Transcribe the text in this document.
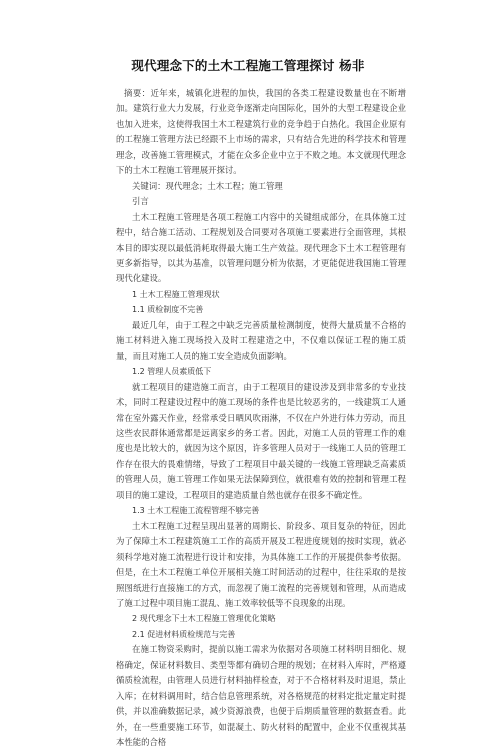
现代理念下的土木工程施工管理探讨 杨非

摘要：近年来，城镇化进程的加快，我国的各类工程建设数量也在不断增加。建筑行业大力发展，行业竞争逐渐走向国际化，国外的大型工程建设企业也加入进来，这使得我国土木工程建筑行业的竞争趋于白热化。我国企业原有的工程施工管理方法已经跟不上市场的需求，只有结合先进的科学技术和管理理念，改善施工管理模式，才能在众多企业中立于不败之地。本文就现代理念下的土木工程施工管理展开探讨。

关键词：现代理念；土木工程；施工管理

引言

土木工程施工管理是各项工程施工内容中的关键组成部分，在具体施工过程中，结合施工活动、工程规划及合同要对各项施工要素进行全面管理，其根本目的即实现以最低消耗取得最大施工生产效益。现代理念下土木工程管理有更多新指导，以其为基准，以管理问题分析为依据，才更能促进我国施工管理现代化建设。

1 土木工程施工管理现状

1.1 质检制度不完善

最近几年，由于工程之中缺乏完善质量检测制度，使得大量质量不合格的施工材料进入施工现场投入及时工程建造之中，不仅难以保证工程的施工质量，而且对施工人员的施工安全造成负面影响。

1.2 管理人员素质低下

就工程项目的建造施工而言，由于工程项目的建设涉及到非常多的专业技术，同时工程建设过程中的施工现场的条件也是比较恶劣的，一线建筑工人通常在室外露天作业，经常承受日晒风吹雨淋，不仅在户外进行体力劳动，而且这些农民群体通常都是远离家乡的务工者。因此，对施工人员的管理工作的难度也是比较大的，就因为这个原因，许多管理人员对于一线施工人员的管理工作存在很大的畏难情绪，导致了工程项目中最关键的一线施工管理缺乏高素质的管理人员，施工管理工作如果无法保障到位，就很难有效的控制和管理工程项目的施工建设，工程项目的建造质量自然也就存在很多不确定性。

1.3 土木工程施工流程管理不够完善

土木工程施工过程呈现出显著的周期长、阶段多、项目复杂的特征，因此为了保障土木工程建筑施工工作的高质开展及工程进度规划的按时实现，就必须科学地对施工流程进行设计和安排，为具体施工工作的开展提供参考依据。但是，在土木工程施工单位开展相关施工时间活动的过程中，往往采取的是按照图纸进行直接施工的方式，而忽视了施工流程的完善规划和管理，从而造成了施工过程中项目施工混乱、施工效率较低等不良现象的出现。

2 现代理念下土木工程施工管理优化策略

2.1 促进材料质检规范与完善

在施工物资采购时，提前以施工需求为依据对各项施工材料明目细化、规格确定，保证材料数目、类型等都有确切合理的规划；在材料入库时，严格遵循质检流程，由管理人员进行材料抽样检查，对于不合格材料及时退退，禁止入库；在材料调用时，结合信息管理系统，对各格规范的材料定批定量定时提供，并以准确数据记录，减少资源浪费，也便于后期质量管理的数据查看。此外，在一些重要施工环节，如混凝土、防火材料的配置中，企业不仅重视其基本性能的合格
